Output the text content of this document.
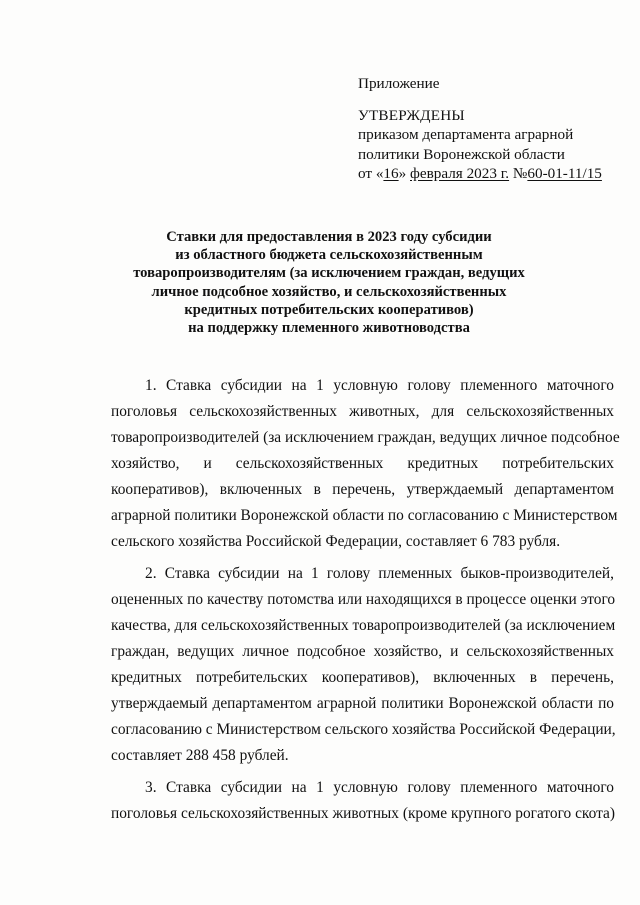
Приложение
УТВЕРЖДЕНЫ
приказом департамента аграрной
политики Воронежской области
от «16» февраля 2023 г. №60-01-11/15
Ставки для предоставления в 2023 году субсидии
из областного бюджета сельскохозяйственным
товаропроизводителям (за исключением граждан, ведущих
личное подсобное хозяйство, и сельскохозяйственных
кредитных потребительских кооперативов)
на поддержку племенного животноводства
1. Ставка субсидии на 1 условную голову племенного маточного
поголовья сельскохозяйственных животных, для сельскохозяйственных
товаропроизводителей (за исключением граждан, ведущих личное подсобное
хозяйство, и сельскохозяйственных кредитных потребительских
кооперативов), включенных в перечень, утверждаемый департаментом
аграрной политики Воронежской области по согласованию с Министерством
сельского хозяйства Российской Федерации, составляет 6 783 рубля.
2. Ставка субсидии на 1 голову племенных быков-производителей,
оцененных по качеству потомства или находящихся в процессе оценки этого
качества, для сельскохозяйственных товаропроизводителей (за исключением
граждан, ведущих личное подсобное хозяйство, и сельскохозяйственных
кредитных потребительских кооперативов), включенных в перечень,
утверждаемый департаментом аграрной политики Воронежской области по
согласованию с Министерством сельского хозяйства Российской Федерации,
составляет 288 458 рублей.
3. Ставка субсидии на 1 условную голову племенного маточного
поголовья сельскохозяйственных животных (кроме крупного рогатого скота)
